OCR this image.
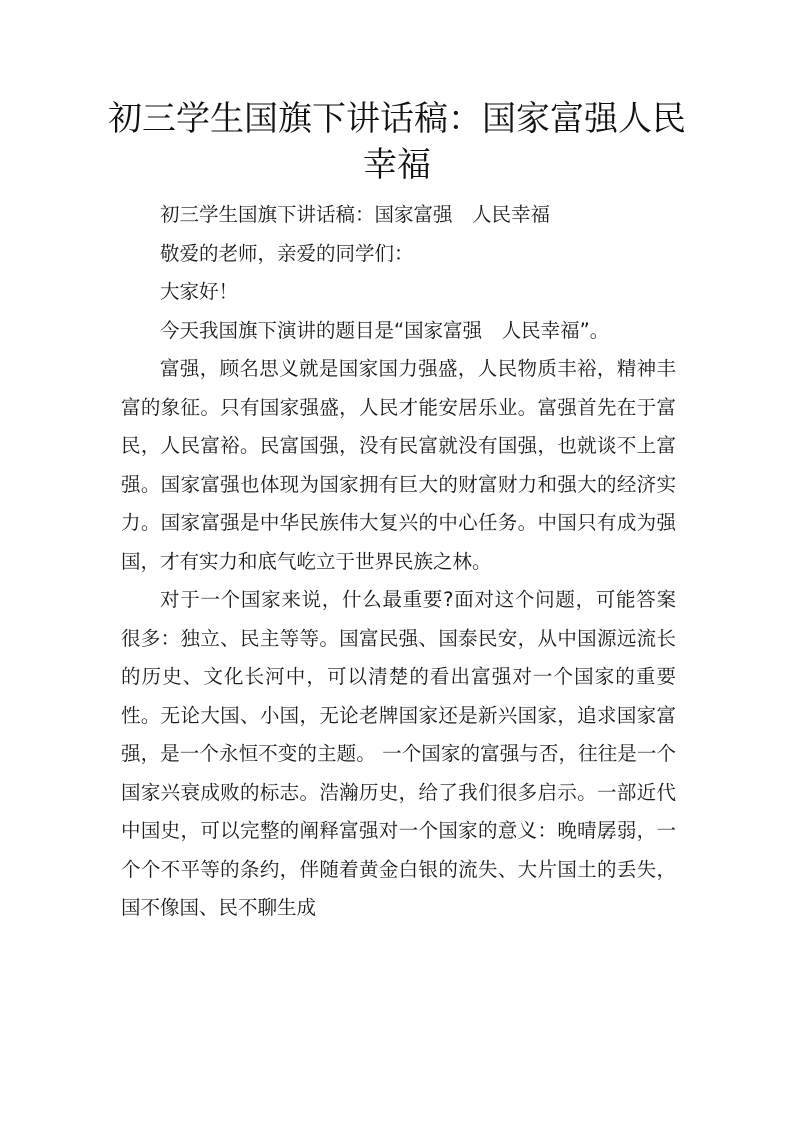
初三学生国旗下讲话稿：国家富强人民
幸福

初三学生国旗下讲话稿：国家富强　人民幸福

敬爱的老师，亲爱的同学们：

大家好！

今天我国旗下演讲的题目是“国家富强　人民幸福”。

富强，顾名思义就是国家国力强盛，人民物质丰裕，精神丰富的象征。只有国家强盛，人民才能安居乐业。富强首先在于富民，人民富裕。民富国强，没有民富就没有国强，也就谈不上富强。国家富强也体现为国家拥有巨大的财富财力和强大的经济实力。国家富强是中华民族伟大复兴的中心任务。中国只有成为强国，才有实力和底气屹立于世界民族之林。

对于一个国家来说，什么最重要?面对这个问题，可能答案很多：独立、民主等等。国富民强、国泰民安，从中国源远流长的历史、文化长河中，可以清楚的看出富强对一个国家的重要性。无论大国、小国，无论老牌国家还是新兴国家，追求国家富强，是一个永恒不变的主题。 一个国家的富强与否，往往是一个国家兴衰成败的标志。浩瀚历史，给了我们很多启示。一部近代中国史，可以完整的阐释富强对一个国家的意义：晚晴孱弱，一个个不平等的条约，伴随着黄金白银的流失、大片国土的丢失，国不像国、民不聊生成
